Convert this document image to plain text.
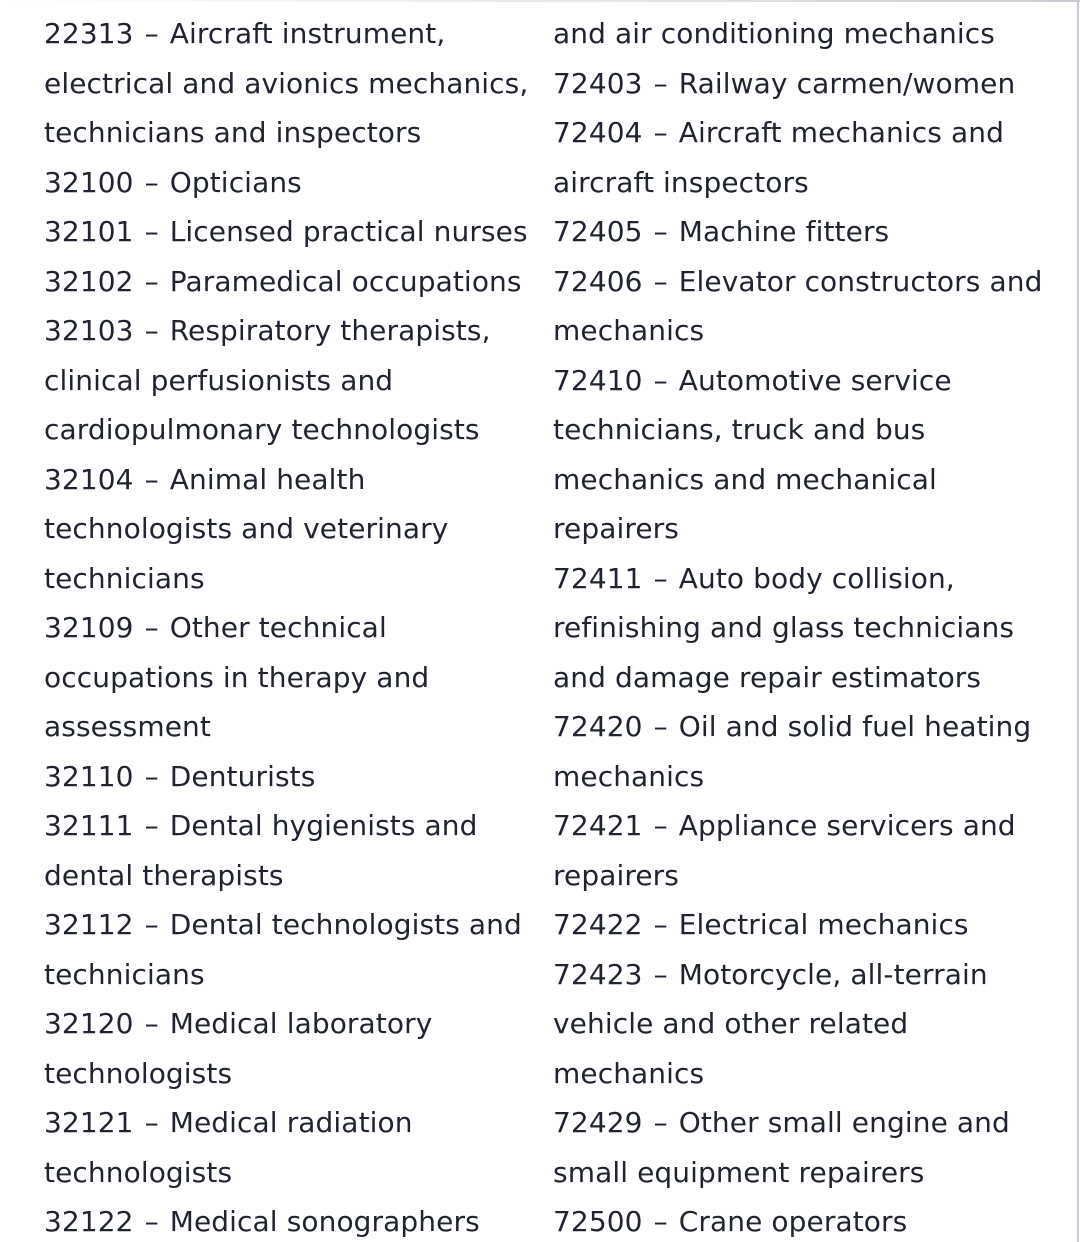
22313 – Aircraft instrument, electrical and avionics mechanics, technicians and inspectors
32100 – Opticians
32101 – Licensed practical nurses
32102 – Paramedical occupations
32103 – Respiratory therapists, clinical perfusionists and cardiopulmonary technologists
32104 – Animal health technologists and veterinary technicians
32109 – Other technical occupations in therapy and assessment
32110 – Denturists
32111 – Dental hygienists and dental therapists
32112 – Dental technologists and technicians
32120 – Medical laboratory technologists
32121 – Medical radiation technologists
32122 – Medical sonographers
and air conditioning mechanics
72403 – Railway carmen/women
72404 – Aircraft mechanics and aircraft inspectors
72405 – Machine fitters
72406 – Elevator constructors and mechanics
72410 – Automotive service technicians, truck and bus mechanics and mechanical repairers
72411 – Auto body collision, refinishing and glass technicians and damage repair estimators
72420 – Oil and solid fuel heating mechanics
72421 – Appliance servicers and repairers
72422 – Electrical mechanics
72423 – Motorcycle, all-terrain vehicle and other related mechanics
72429 – Other small engine and small equipment repairers
72500 – Crane operators
